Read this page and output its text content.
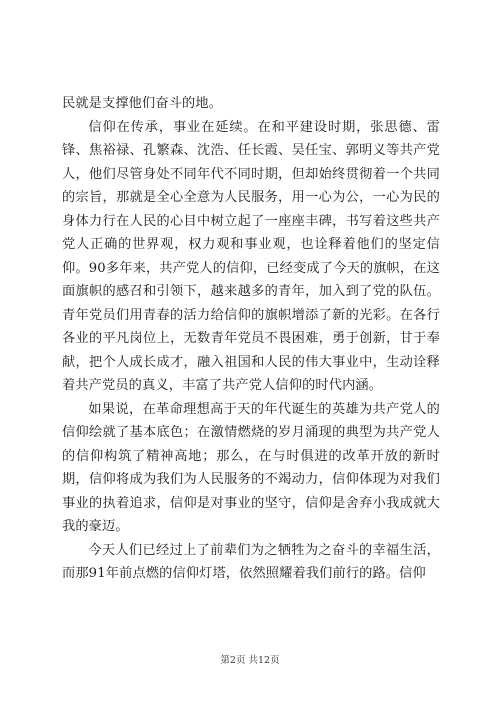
民就是支撑他们奋斗的地。

信仰在传承，事业在延续。在和平建设时期，张思德、雷锋、焦裕禄、孔繁森、沈浩、任长霞、吴任宝、郭明义等共产党人，他们尽管身处不同年代不同时期，但却始终贯彻着一个共同的宗旨，那就是全心全意为人民服务，用一心为公，一心为民的身体力行在人民的心目中树立起了一座座丰碑，书写着这些共产党人正确的世界观，权力观和事业观，也诠释着他们的坚定信仰。90多年来，共产党人的信仰，已经变成了今天的旗帜，在这面旗帜的感召和引领下，越来越多的青年，加入到了党的队伍。青年党员们用青春的活力给信仰的旗帜增添了新的光彩。在各行各业的平凡岗位上，无数青年党员不畏困难，勇于创新，甘于奉献，把个人成长成才，融入祖国和人民的伟大事业中，生动诠释着共产党员的真义，丰富了共产党人信仰的时代内涵。

如果说，在革命理想高于天的年代诞生的英雄为共产党人的信仰绘就了基本底色；在激情燃烧的岁月涌现的典型为共产党人的信仰构筑了精神高地；那么，在与时俱进的改革开放的新时期，信仰将成为我们为人民服务的不竭动力，信仰体现为对我们事业的执着追求，信仰是对事业的坚守，信仰是舍弃小我成就大我的豪迈。

今天人们已经过上了前辈们为之牺牲为之奋斗的幸福生活，而那91年前点燃的信仰灯塔，依然照耀着我们前行的路。信仰

第2页 共12页
